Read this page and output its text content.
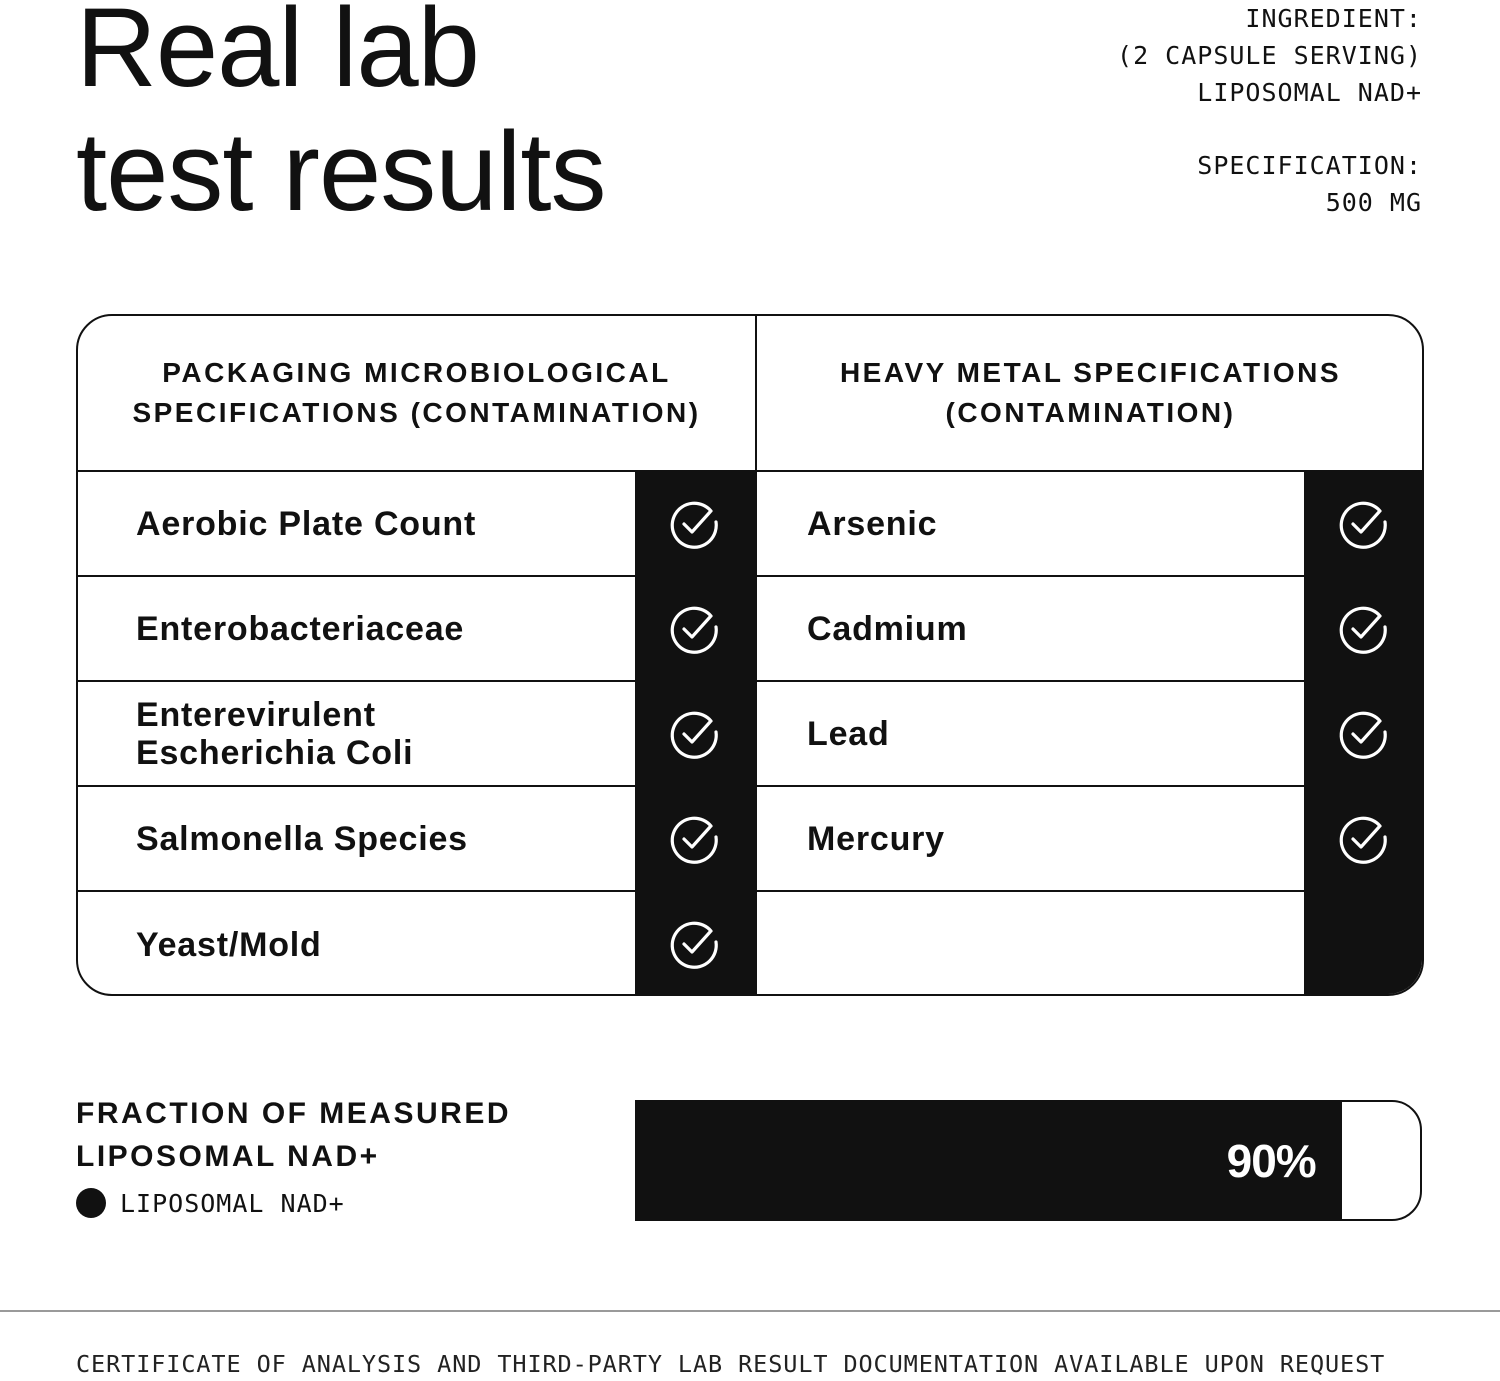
Real lab
test results
INGREDIENT:
(2 CAPSULE SERVING)
LIPOSOMAL NAD+
SPECIFICATION:
500 MG
PACKAGING MICROBIOLOGICAL
SPECIFICATIONS (CONTAMINATION)
Aerobic Plate Count
Enterobacteriaceae
Enterevirulent
Escherichia Coli
Salmonella Species
Yeast/Mold
HEAVY METAL SPECIFICATIONS
(CONTAMINATION)
Arsenic
Cadmium
Lead
Mercury
FRACTION OF MEASURED
LIPOSOMAL NAD+
LIPOSOMAL NAD+
90%
CERTIFICATE OF ANALYSIS AND THIRD-PARTY LAB RESULT DOCUMENTATION AVAILABLE UPON REQUEST
